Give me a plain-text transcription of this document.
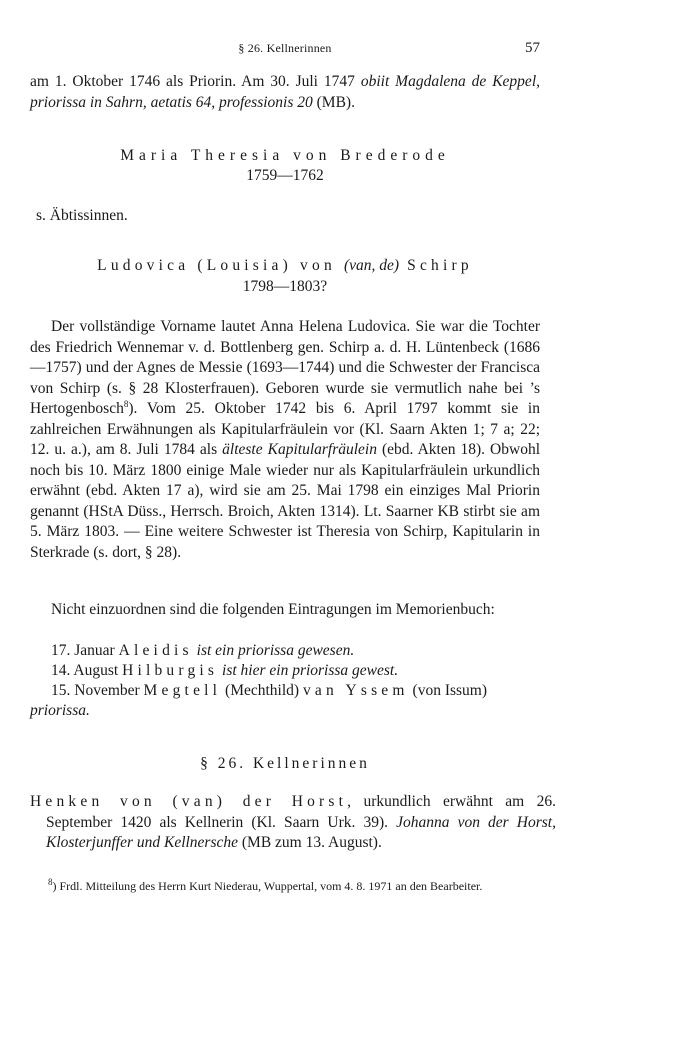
§ 26. Kellnerinnen	57
am 1. Oktober 1746 als Priorin. Am 30. Juli 1747 obiit Magdalena de Keppel, priorissa in Sahrn, aetatis 64, professionis 20 (MB).
Maria Theresia von Brederode
1759—1762
s. Äbtissinnen.
Ludovica (Louisia) von (van, de) Schirp
1798—1803?
Der vollständige Vorname lautet Anna Helena Ludovica. Sie war die Tochter des Friedrich Wennemar v. d. Bottlenberg gen. Schirp a. d. H. Lüntenbeck (1686—1757) und der Agnes de Messie (1693—1744) und die Schwester der Francisca von Schirp (s. § 28 Klosterfrauen). Geboren wurde sie vermutlich nahe bei ’s Hertogenbosch$^8$). Vom 25. Oktober 1742 bis 6. April 1797 kommt sie in zahlreichen Erwähnungen als Kapitularfräulein vor (Kl. Saarn Akten 1; 7 a; 22; 12. u. a.), am 8. Juli 1784 als älteste Kapitularfräulein (ebd. Akten 18). Obwohl noch bis 10. März 1800 einige Male wieder nur als Kapitularfräulein urkundlich erwähnt (ebd. Akten 17 a), wird sie am 25. Mai 1798 ein einziges Mal Priorin genannt (HStA Düss., Herrsch. Broich, Akten 1314). Lt. Saarner KB stirbt sie am 5. März 1803. — Eine weitere Schwester ist Theresia von Schirp, Kapitularin in Sterkrade (s. dort, § 28).
Nicht einzuordnen sind die folgenden Eintragungen im Memorienbuch:
17. Januar Aleidis ist ein priorissa gewesen.
14. August Hilburgis ist hier ein priorissa gewest.
15. November Megtell (Mechthild) van Yssem (von Issum)
priorissa.
§ 26. Kellnerinnen
Henken von (van) der Horst, urkundlich erwähnt am 26. September 1420 als Kellnerin (Kl. Saarn Urk. 39). Johanna von der Horst, Klosterjunffer und Kellnersche (MB zum 13. August).
$^8$) Frdl. Mitteilung des Herrn Kurt Niederau, Wuppertal, vom 4. 8. 1971 an den Bearbeiter.
